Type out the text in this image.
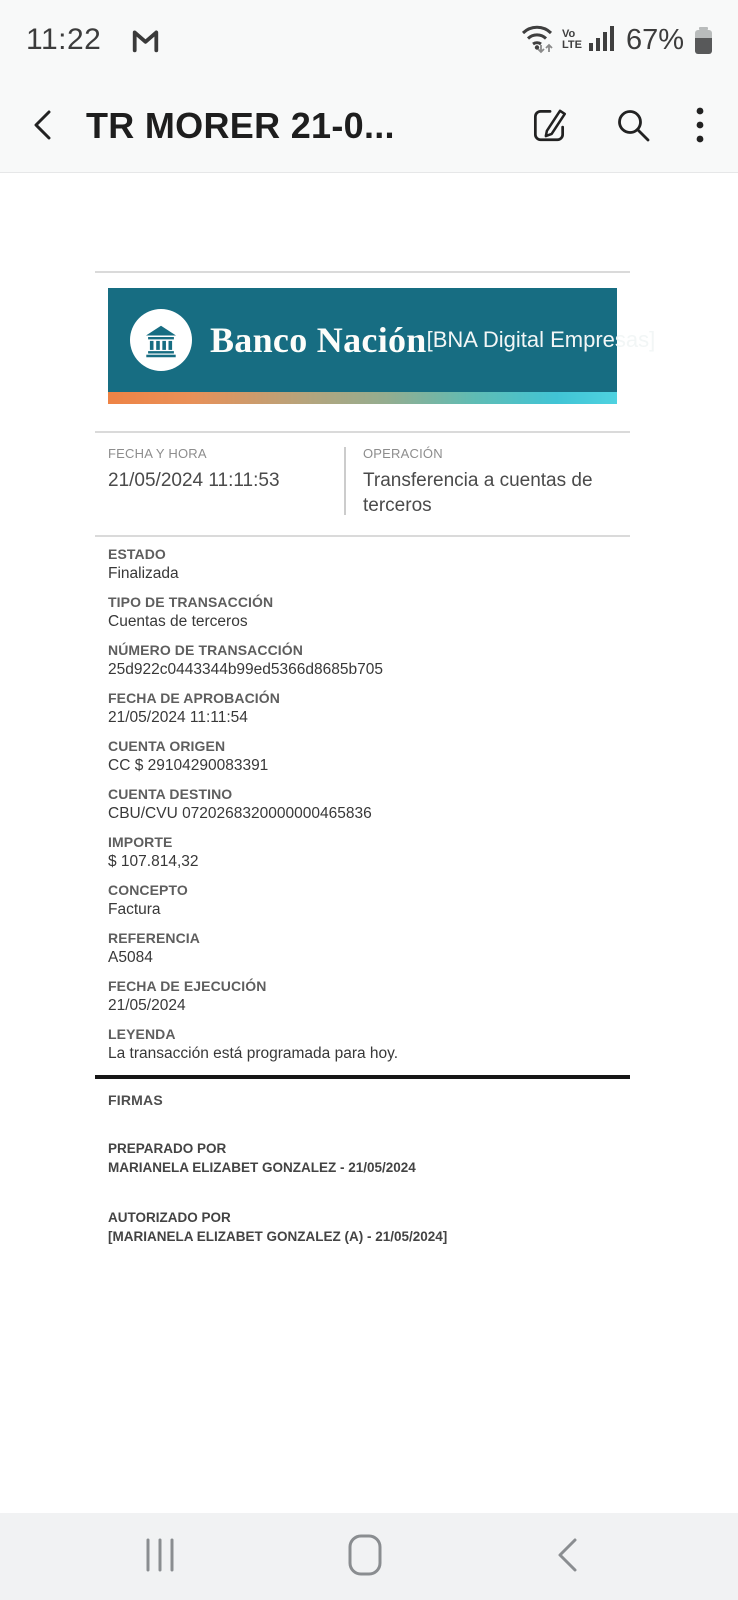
11:22	Vo
LTE 67%
TR MORER 21-0...
Banco Nación [BNA Digital Empresas]
FECHA Y HORA
21/05/2024 11:11:53
OPERACIÓN
Transferencia a cuentas de terceros
ESTADO
Finalizada
TIPO DE TRANSACCIÓN
Cuentas de terceros
NÚMERO DE TRANSACCIÓN
25d922c0443344b99ed5366d8685b705
FECHA DE APROBACIÓN
21/05/2024 11:11:54
CUENTA ORIGEN
CC $ 29104290083391
CUENTA DESTINO
CBU/CVU 0720268320000000465836
IMPORTE
$ 107.814,32
CONCEPTO
Factura
REFERENCIA
A5084
FECHA DE EJECUCIÓN
21/05/2024
LEYENDA
La transacción está programada para hoy.
FIRMAS
PREPARADO POR
MARIANELA ELIZABET GONZALEZ - 21/05/2024
AUTORIZADO POR
[MARIANELA ELIZABET GONZALEZ (A) - 21/05/2024]
